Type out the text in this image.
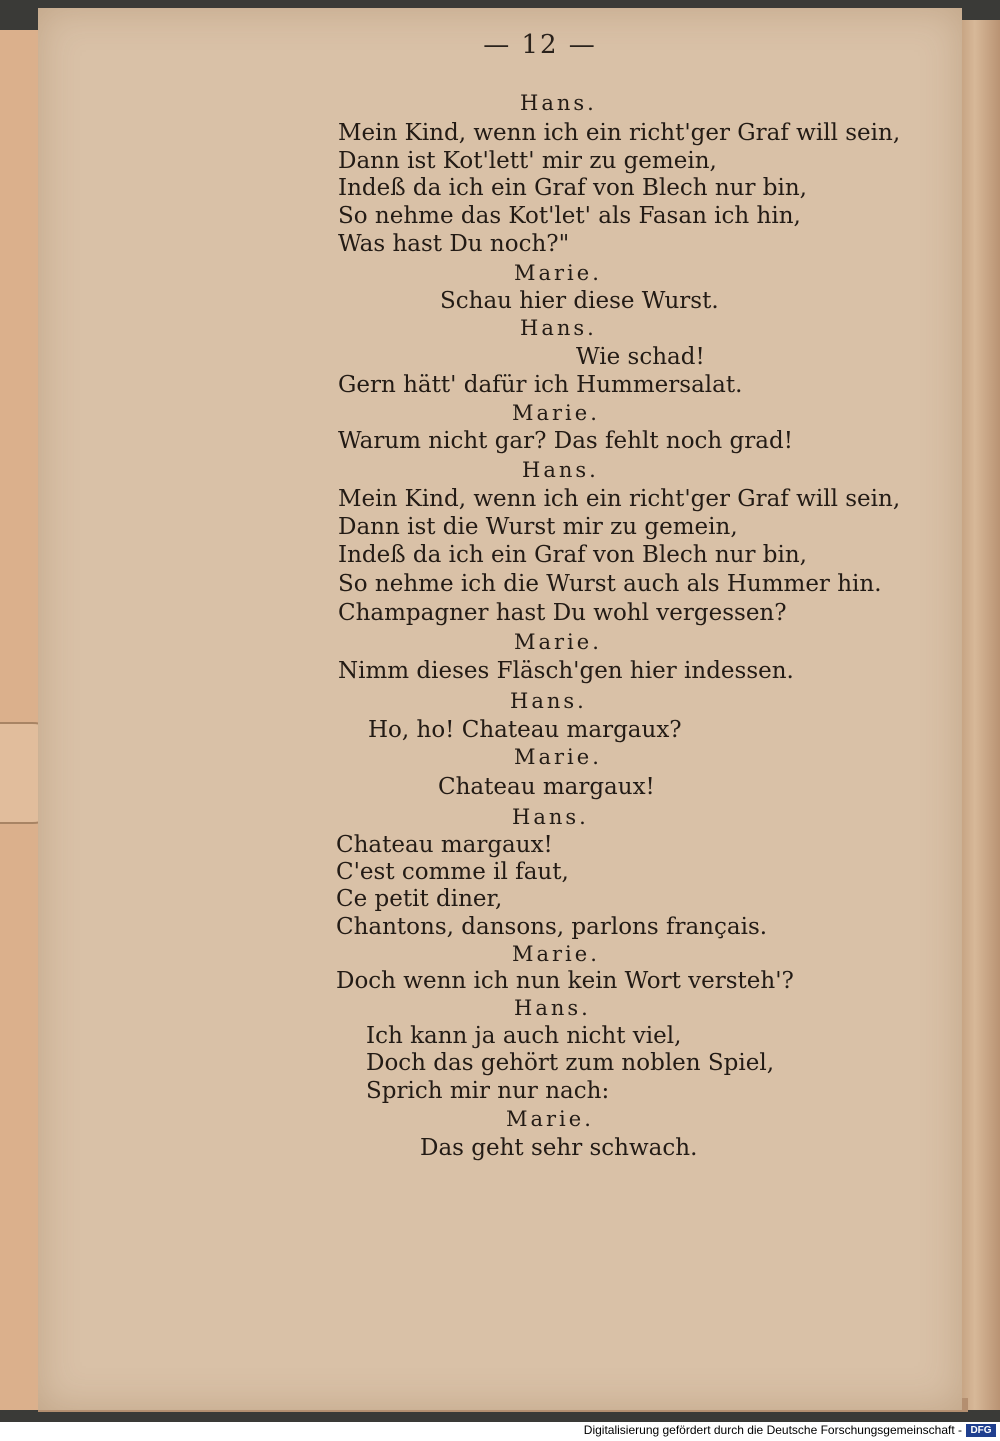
— 12 —
Hans.
Mein Kind, wenn ich ein richt'ger Graf will sein,
Dann ist Kot'lett' mir zu gemein,
Indeß da ich ein Graf von Blech nur bin,
So nehme das Kot'let' als Fasan ich hin,
Was hast Du noch?"
Marie.
Schau hier diese Wurst.
Hans.
Wie schad!
Gern hätt' dafür ich Hummersalat.
Marie.
Warum nicht gar? Das fehlt noch grad!
Hans.
Mein Kind, wenn ich ein richt'ger Graf will sein,
Dann ist die Wurst mir zu gemein,
Indeß da ich ein Graf von Blech nur bin,
So nehme ich die Wurst auch als Hummer hin.
Champagner hast Du wohl vergessen?
Marie.
Nimm dieses Fläsch'gen hier indessen.
Hans.
Ho, ho! Chateau margaux?
Marie.
Chateau margaux!
Hans.
Chateau margaux!
C'est comme il faut,
Ce petit diner,
Chantons, dansons, parlons français.
Marie.
Doch wenn ich nun kein Wort versteh'?
Hans.
Ich kann ja auch nicht viel,
Doch das gehört zum noblen Spiel,
Sprich mir nur nach:
Marie.
Das geht sehr schwach.
Digitalisierung gefördert durch die Deutsche Forschungsgemeinschaft - DFG
